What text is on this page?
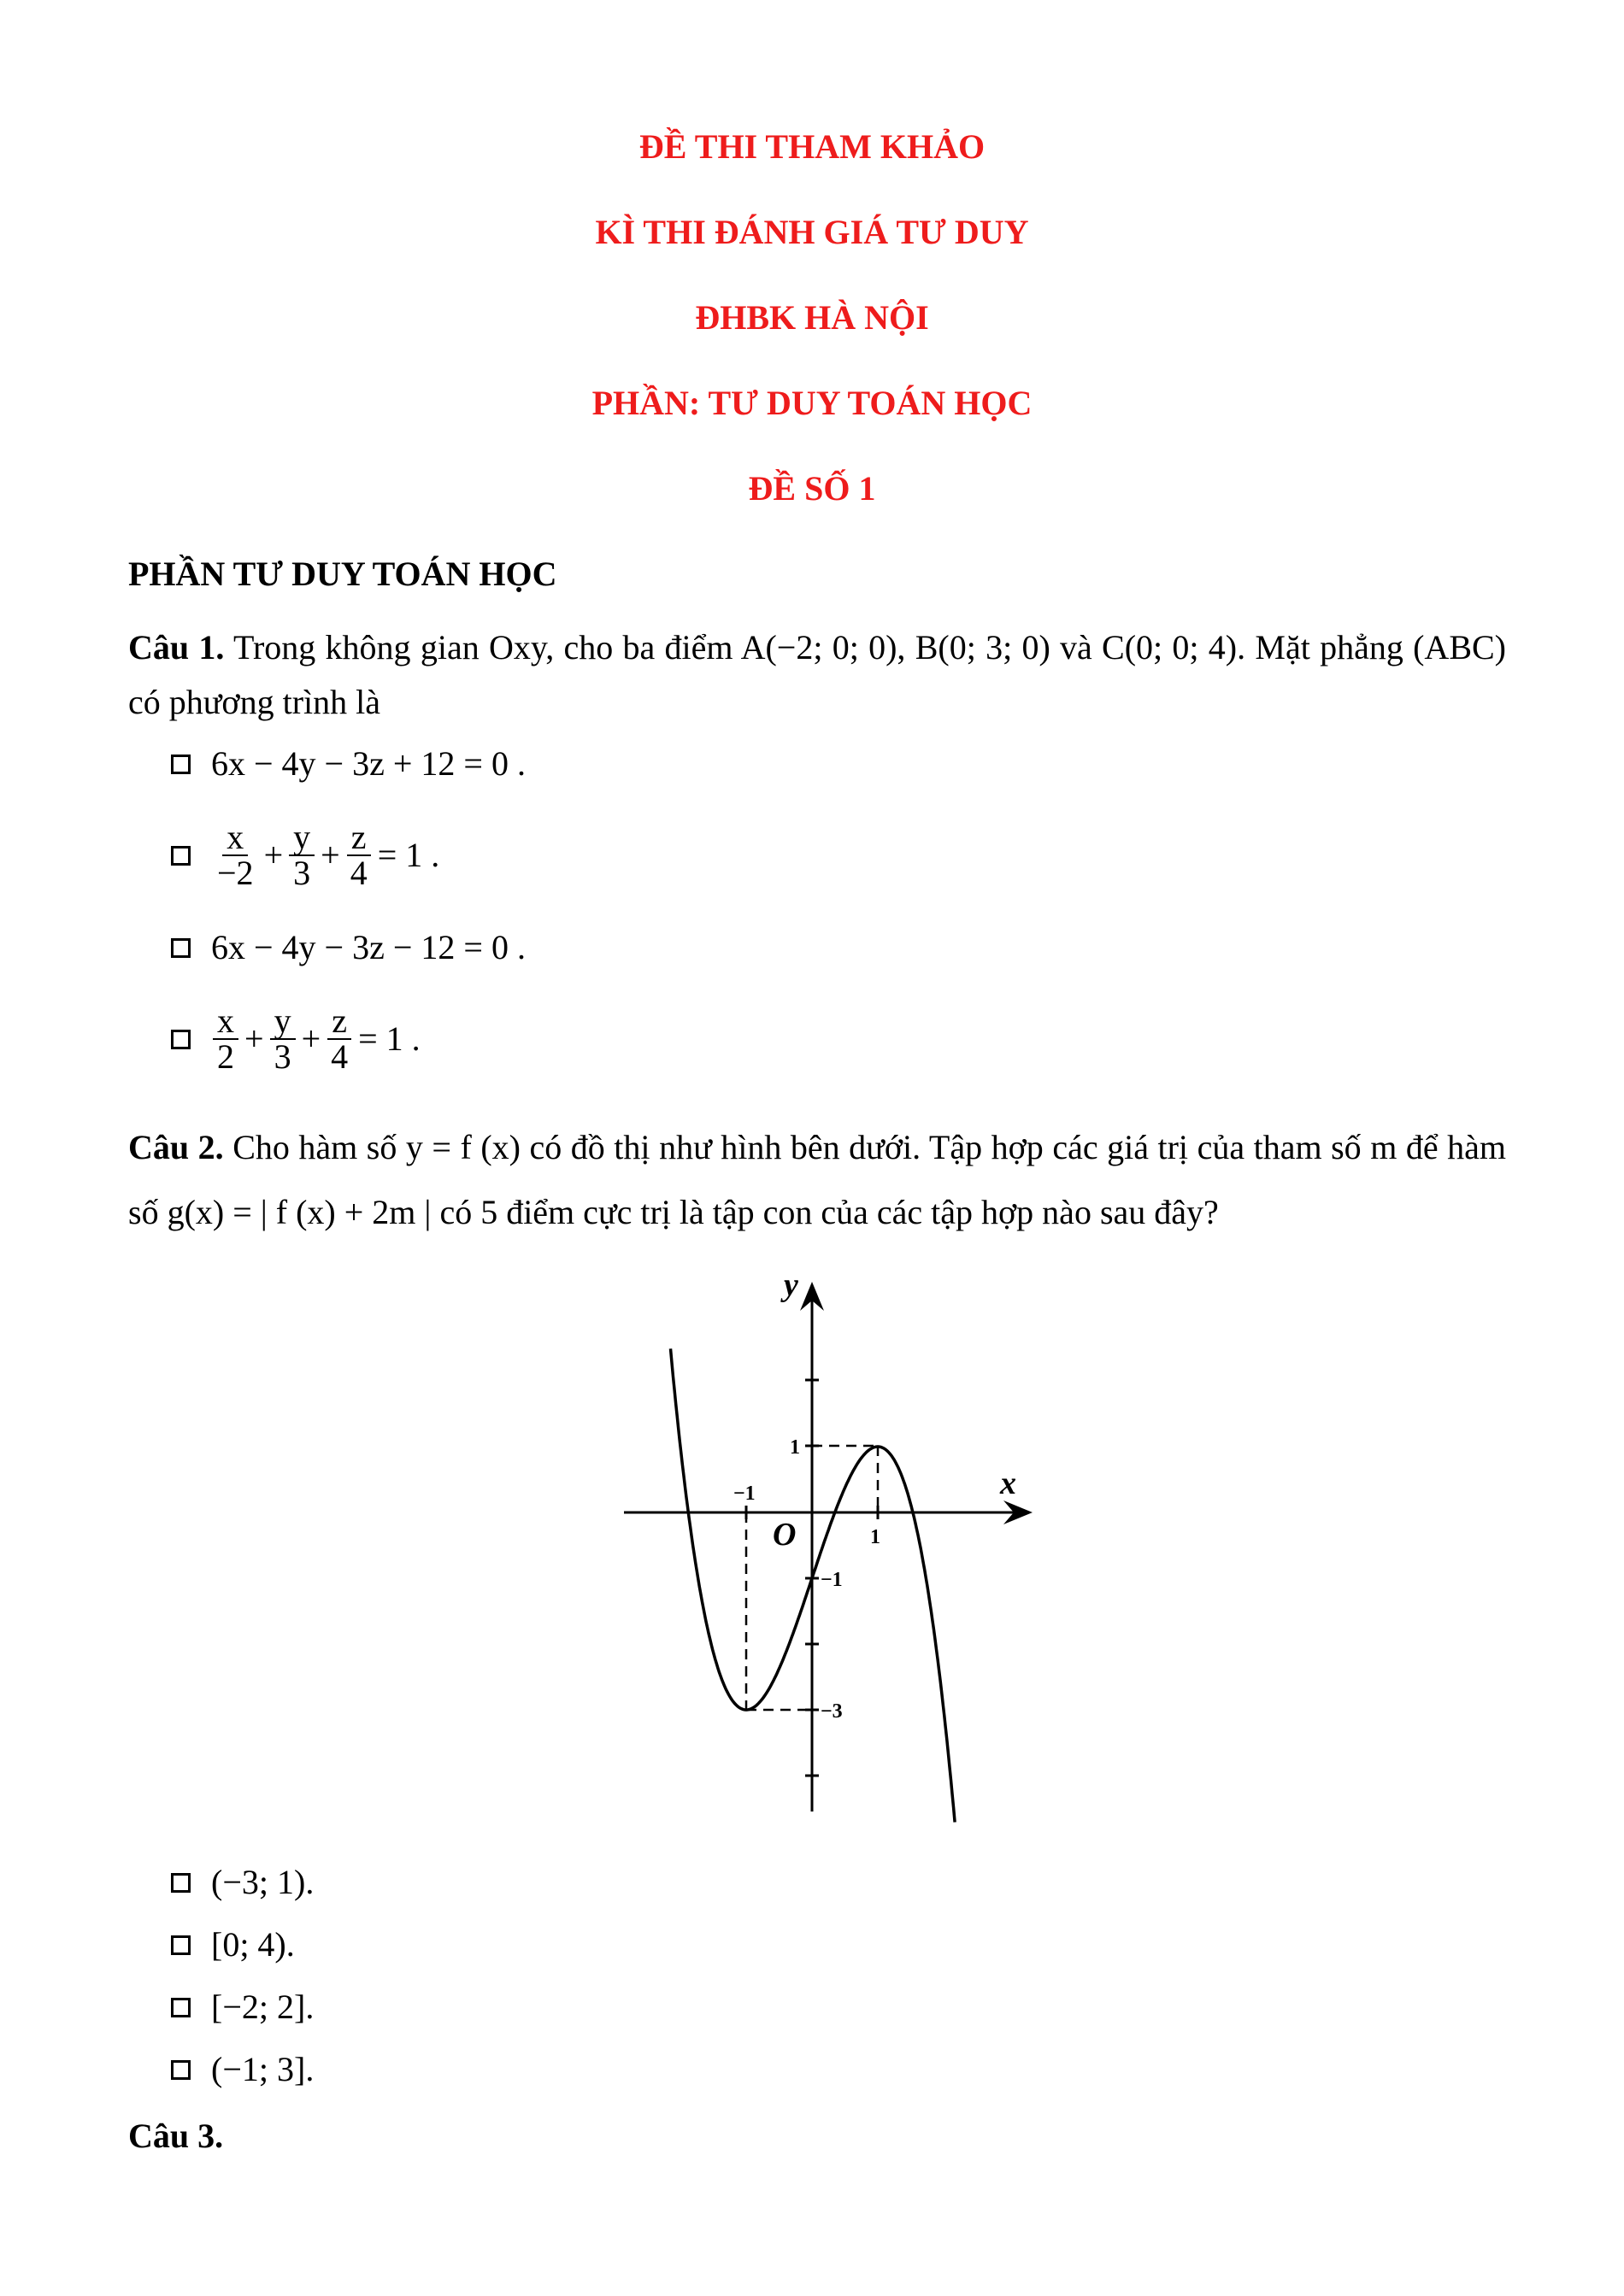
ĐỀ THI THAM KHẢO
KÌ THI ĐÁNH GIÁ TƯ DUY
ĐHBK HÀ NỘI
PHẦN: TƯ DUY TOÁN HỌC
ĐỀ SỐ 1
PHẦN TƯ DUY TOÁN HỌC
Câu 1. Trong không gian Oxy, cho ba điểm A(−2; 0; 0), B(0; 3; 0) và C(0; 0; 4). Mặt phẳng (ABC) có phương trình là
6x − 4y − 3z + 12 = 0 .
$\frac{x}{-2} + \frac{y}{3} + \frac{z}{4} = 1$ .
6x − 4y − 3z − 12 = 0 .
$\frac{x}{2} + \frac{y}{3} + \frac{z}{4} = 1$ .
Câu 2. Cho hàm số y = f (x) có đồ thị như hình bên dưới. Tập hợp các giá trị của tham số m để hàm số g(x) = | f (x) + 2m | có 5 điểm cực trị là tập con của các tập hợp nào sau đây?
y
x
O
−1
1
1
−1
−3
(−3; 1).
[0; 4).
[−2; 2].
(−1; 3].
Câu 3.
